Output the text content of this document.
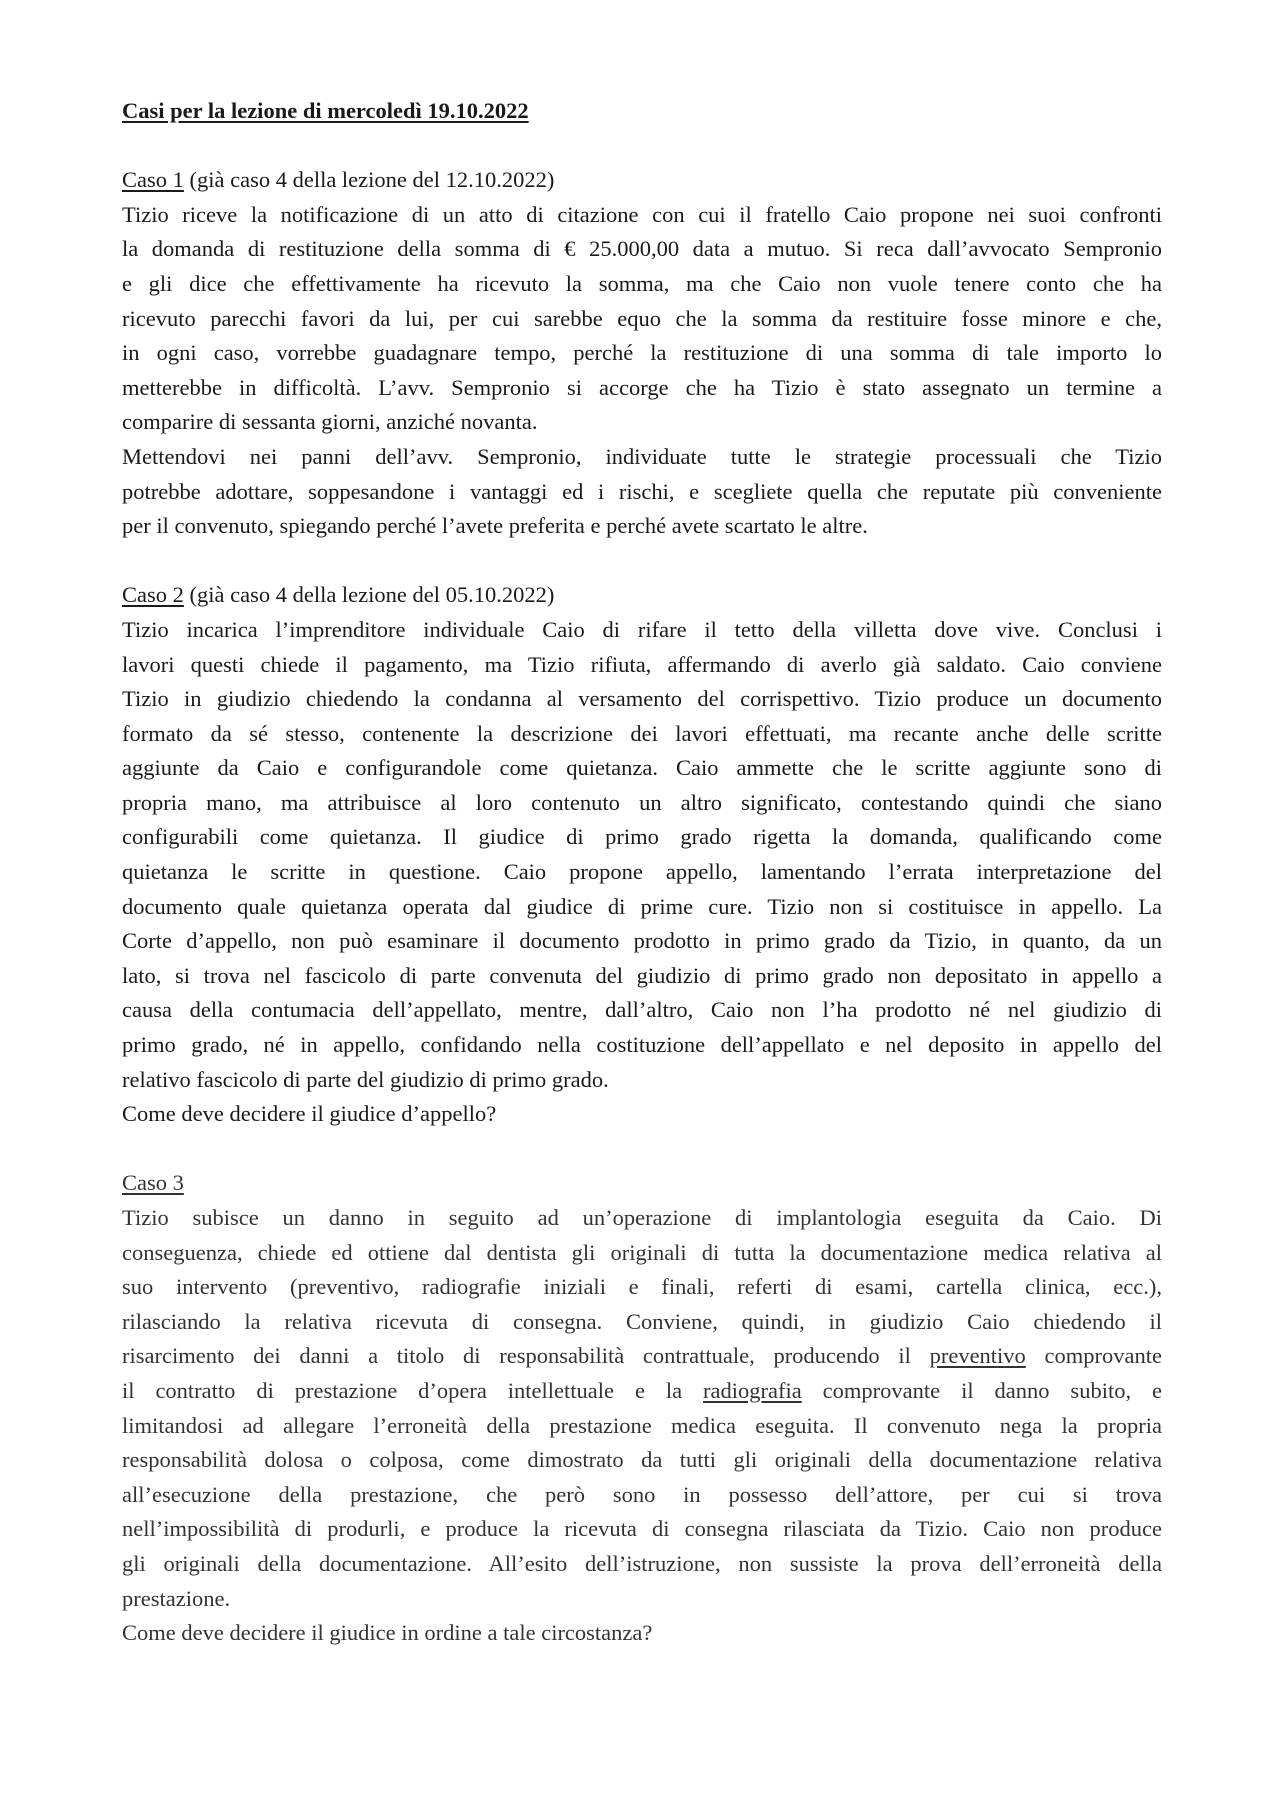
Casi per la lezione di mercoledì 19.10.2022
Caso 1 (già caso 4 della lezione del 12.10.2022)
Tizio riceve la notificazione di un atto di citazione con cui il fratello Caio propone nei suoi confronti
la domanda di restituzione della somma di € 25.000,00 data a mutuo. Si reca dall’avvocato Sempronio
e gli dice che effettivamente ha ricevuto la somma, ma che Caio non vuole tenere conto che ha
ricevuto parecchi favori da lui, per cui sarebbe equo che la somma da restituire fosse minore e che,
in ogni caso, vorrebbe guadagnare tempo, perché la restituzione di una somma di tale importo lo
metterebbe in difficoltà. L’avv. Sempronio si accorge che ha Tizio è stato assegnato un termine a
comparire di sessanta giorni, anziché novanta.
Mettendovi nei panni dell’avv. Sempronio, individuate tutte le strategie processuali che Tizio
potrebbe adottare, soppesandone i vantaggi ed i rischi, e scegliete quella che reputate più conveniente
per il convenuto, spiegando perché l’avete preferita e perché avete scartato le altre.
Caso 2 (già caso 4 della lezione del 05.10.2022)
Tizio incarica l’imprenditore individuale Caio di rifare il tetto della villetta dove vive. Conclusi i
lavori questi chiede il pagamento, ma Tizio rifiuta, affermando di averlo già saldato. Caio conviene
Tizio in giudizio chiedendo la condanna al versamento del corrispettivo. Tizio produce un documento
formato da sé stesso, contenente la descrizione dei lavori effettuati, ma recante anche delle scritte
aggiunte da Caio e configurandole come quietanza. Caio ammette che le scritte aggiunte sono di
propria mano, ma attribuisce al loro contenuto un altro significato, contestando quindi che siano
configurabili come quietanza. Il giudice di primo grado rigetta la domanda, qualificando come
quietanza le scritte in questione. Caio propone appello, lamentando l’errata interpretazione del
documento quale quietanza operata dal giudice di prime cure. Tizio non si costituisce in appello. La
Corte d’appello, non può esaminare il documento prodotto in primo grado da Tizio, in quanto, da un
lato, si trova nel fascicolo di parte convenuta del giudizio di primo grado non depositato in appello a
causa della contumacia dell’appellato, mentre, dall’altro, Caio non l’ha prodotto né nel giudizio di
primo grado, né in appello, confidando nella costituzione dell’appellato e nel deposito in appello del
relativo fascicolo di parte del giudizio di primo grado.
Come deve decidere il giudice d’appello?
Caso 3
Tizio subisce un danno in seguito ad un’operazione di implantologia eseguita da Caio. Di
conseguenza, chiede ed ottiene dal dentista gli originali di tutta la documentazione medica relativa al
suo intervento (preventivo, radiografie iniziali e finali, referti di esami, cartella clinica, ecc.),
rilasciando la relativa ricevuta di consegna. Conviene, quindi, in giudizio Caio chiedendo il
risarcimento dei danni a titolo di responsabilità contrattuale, producendo il preventivo comprovante
il contratto di prestazione d’opera intellettuale e la radiografia comprovante il danno subito, e
limitandosi ad allegare l’erroneità della prestazione medica eseguita. Il convenuto nega la propria
responsabilità dolosa o colposa, come dimostrato da tutti gli originali della documentazione relativa
all’esecuzione della prestazione, che però sono in possesso dell’attore, per cui si trova
nell’impossibilità di produrli, e produce la ricevuta di consegna rilasciata da Tizio. Caio non produce
gli originali della documentazione. All’esito dell’istruzione, non sussiste la prova dell’erroneità della
prestazione.
Come deve decidere il giudice in ordine a tale circostanza?
